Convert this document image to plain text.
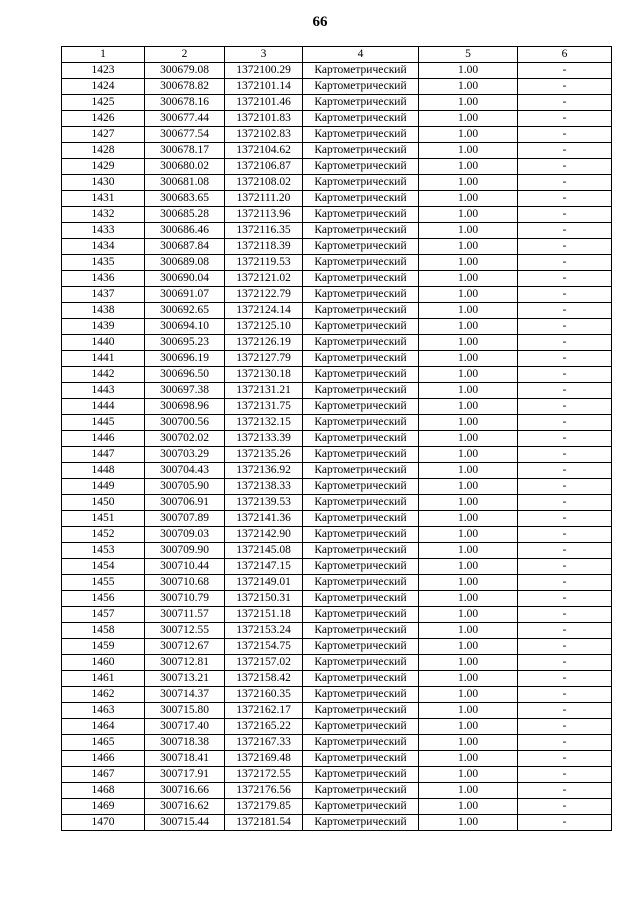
66
1	2	3	4	5	6
1423	300679.08	1372100.29	Картометрический	1.00	-
1424	300678.82	1372101.14	Картометрический	1.00	-
1425	300678.16	1372101.46	Картометрический	1.00	-
1426	300677.44	1372101.83	Картометрический	1.00	-
1427	300677.54	1372102.83	Картометрический	1.00	-
1428	300678.17	1372104.62	Картометрический	1.00	-
1429	300680.02	1372106.87	Картометрический	1.00	-
1430	300681.08	1372108.02	Картометрический	1.00	-
1431	300683.65	1372111.20	Картометрический	1.00	-
1432	300685.28	1372113.96	Картометрический	1.00	-
1433	300686.46	1372116.35	Картометрический	1.00	-
1434	300687.84	1372118.39	Картометрический	1.00	-
1435	300689.08	1372119.53	Картометрический	1.00	-
1436	300690.04	1372121.02	Картометрический	1.00	-
1437	300691.07	1372122.79	Картометрический	1.00	-
1438	300692.65	1372124.14	Картометрический	1.00	-
1439	300694.10	1372125.10	Картометрический	1.00	-
1440	300695.23	1372126.19	Картометрический	1.00	-
1441	300696.19	1372127.79	Картометрический	1.00	-
1442	300696.50	1372130.18	Картометрический	1.00	-
1443	300697.38	1372131.21	Картометрический	1.00	-
1444	300698.96	1372131.75	Картометрический	1.00	-
1445	300700.56	1372132.15	Картометрический	1.00	-
1446	300702.02	1372133.39	Картометрический	1.00	-
1447	300703.29	1372135.26	Картометрический	1.00	-
1448	300704.43	1372136.92	Картометрический	1.00	-
1449	300705.90	1372138.33	Картометрический	1.00	-
1450	300706.91	1372139.53	Картометрический	1.00	-
1451	300707.89	1372141.36	Картометрический	1.00	-
1452	300709.03	1372142.90	Картометрический	1.00	-
1453	300709.90	1372145.08	Картометрический	1.00	-
1454	300710.44	1372147.15	Картометрический	1.00	-
1455	300710.68	1372149.01	Картометрический	1.00	-
1456	300710.79	1372150.31	Картометрический	1.00	-
1457	300711.57	1372151.18	Картометрический	1.00	-
1458	300712.55	1372153.24	Картометрический	1.00	-
1459	300712.67	1372154.75	Картометрический	1.00	-
1460	300712.81	1372157.02	Картометрический	1.00	-
1461	300713.21	1372158.42	Картометрический	1.00	-
1462	300714.37	1372160.35	Картометрический	1.00	-
1463	300715.80	1372162.17	Картометрический	1.00	-
1464	300717.40	1372165.22	Картометрический	1.00	-
1465	300718.38	1372167.33	Картометрический	1.00	-
1466	300718.41	1372169.48	Картометрический	1.00	-
1467	300717.91	1372172.55	Картометрический	1.00	-
1468	300716.66	1372176.56	Картометрический	1.00	-
1469	300716.62	1372179.85	Картометрический	1.00	-
1470	300715.44	1372181.54	Картометрический	1.00	-
